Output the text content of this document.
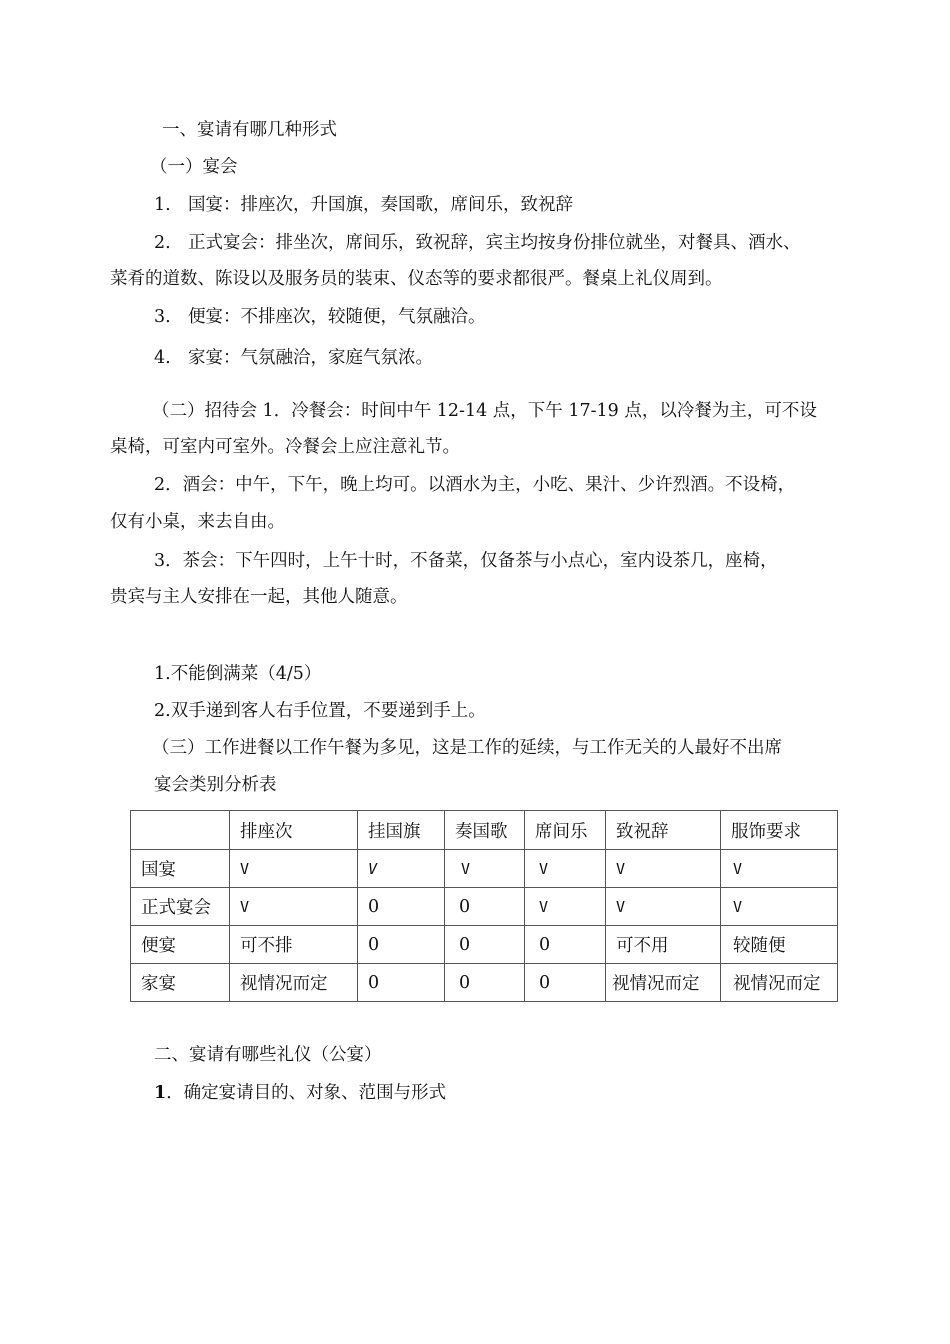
一、宴请有哪几种形式
（一）宴会
1. 国宴：排座次，升国旗，奏国歌，席间乐，致祝辞
2. 正式宴会：排坐次，席间乐，致祝辞，宾主均按身份排位就坐，对餐具、酒水、
菜肴的道数、陈设以及服务员的装束、仪态等的要求都很严。餐桌上礼仪周到。
3. 便宴：不排座次，较随便，气氛融洽。
4. 家宴：气氛融洽，家庭气氛浓。
（二）招待会 1．冷餐会：时间中午 12-14 点，下午 17-19 点，以冷餐为主，可不设
桌椅，可室内可室外。冷餐会上应注意礼节。
2．酒会：中午，下午，晚上均可。以酒水为主，小吃、果汁、少许烈酒。不设椅，
仅有小桌，来去自由。
3．茶会：下午四时，上午十时，不备菜，仅备茶与小点心，室内设茶几，座椅，
贵宾与主人安排在一起，其他人随意。
1.不能倒满菜（4/5）
2.双手递到客人右手位置，不要递到手上。
（三）工作进餐以工作午餐为多见，这是工作的延续，与工作无关的人最好不出席
宴会类别分析表
	排座次	挂国旗	奏国歌	席间乐	致祝辞	服饰要求
国宴	V	V	V	V	V	V
正式宴会	V	0	0	V	V	V
便宴	可不排	0	0	0	可不用	较随便
家宴	视情况而定	0	0	0	视情况而定	视情况而定
二、宴请有哪些礼仪（公宴）
1．确定宴请目的、对象、范围与形式
